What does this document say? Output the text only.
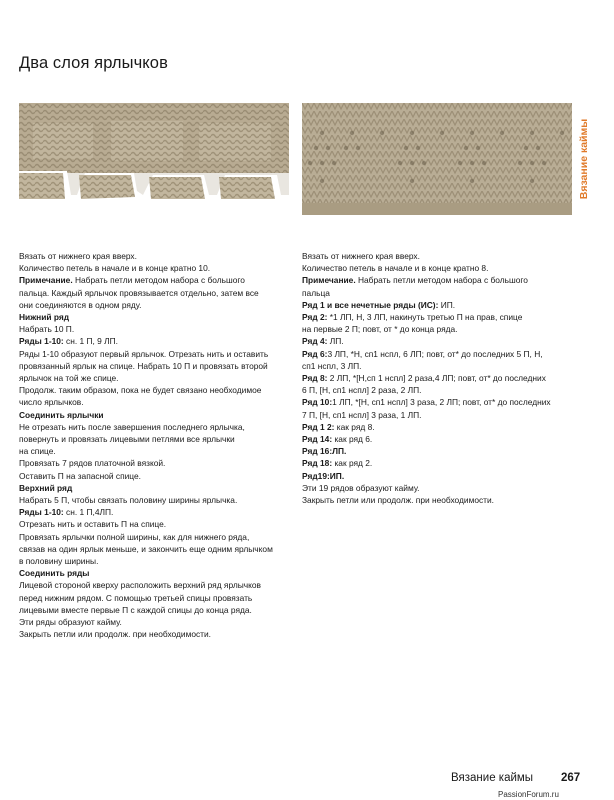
Два слоя ярлычков
Вязание каймы

Вязать от нижнего края вверх.

Количество петель в начале и в конце кратно 10.

Примечание. Набрать петли методом набора с большого

пальца. Каждый ярлычок провязывается отдельно, затем все

они соединяются в одном ряду.

Нижний ряд

Набрать 10 П.

Ряды 1-10: сн. 1 П, 9 ЛП.

Ряды 1-10 образуют первый ярлычок. Отрезать нить и оставить

провязанный ярлык на спице. Набрать 10 П и провязать второй

ярлычок на той же спице.

Продолж. таким образом, пока не будет связано необходимое

число ярлычков.

Соединить ярлычки

Не отрезать нить после завершения последнего ярлычка,

повернуть и провязать лицевыми петлями все ярлычки

на спице.

Провязать 7 рядов платочной вязкой.

Оставить П на запасной спице.

Верхний ряд

Набрать 5 П, чтобы связать половину ширины ярлычка.

Ряды 1-10: сн. 1 П,4ЛП.

Отрезать нить и оставить П на спице.

Провязать ярлычки полной ширины, как для нижнего ряда,

связав на один ярлык меньше, и закончить еще одним ярлычком

в половину ширины.

Соединить ряды

Лицевой стороной кверху расположить верхний ряд ярлычков

перед нижним рядом. С помощью третьей спицы провязать

лицевыми вместе первые П с каждой спицы до конца ряда.

Эти ряды образуют кайму.

Закрыть петли или продолж. при необходимости.

Вязать от нижнего края вверх.

Количество петель в начале и в конце кратно 8.

Примечание. Набрать петли методом набора с большого

пальца

Ряд 1 и все нечетные ряды (ИС): ИП.

Ряд 2: *1 ЛП, Н, 3 ЛП, накинуть третью П на прав, спице

на первые 2 П; повт, от * до конца ряда.

Ряд 4: ЛП.

Ряд 6:3 ЛП, *Н, сп1 нспл, 6 ЛП; повт, от* до последних 5 П, Н,

сп1 нспл, 3 ЛП.

Ряд 8: 2 ЛП, *[Н,сп 1 нспл] 2 раза,4 ЛП; повт, от* до последних

6 П, [Н, сп1 нспл] 2 раза, 2 ЛП.

Ряд 10:1 ЛП, *[Н, сп1 нспл] 3 раза, 2 ЛП; повт, от* до последних

7 П, [Н, сп1 нспл] 3 раза, 1 ЛП.

Ряд 1 2: как ряд 8.

Ряд 14: как ряд 6.

Ряд 16:ЛП.

Ряд 18: как ряд 2.

Ряд19:ИП.

Эти 19 рядов образуют кайму.

Закрыть петли или продолж. при необходимости.

Вязание каймы 267
PassionForum.ru
